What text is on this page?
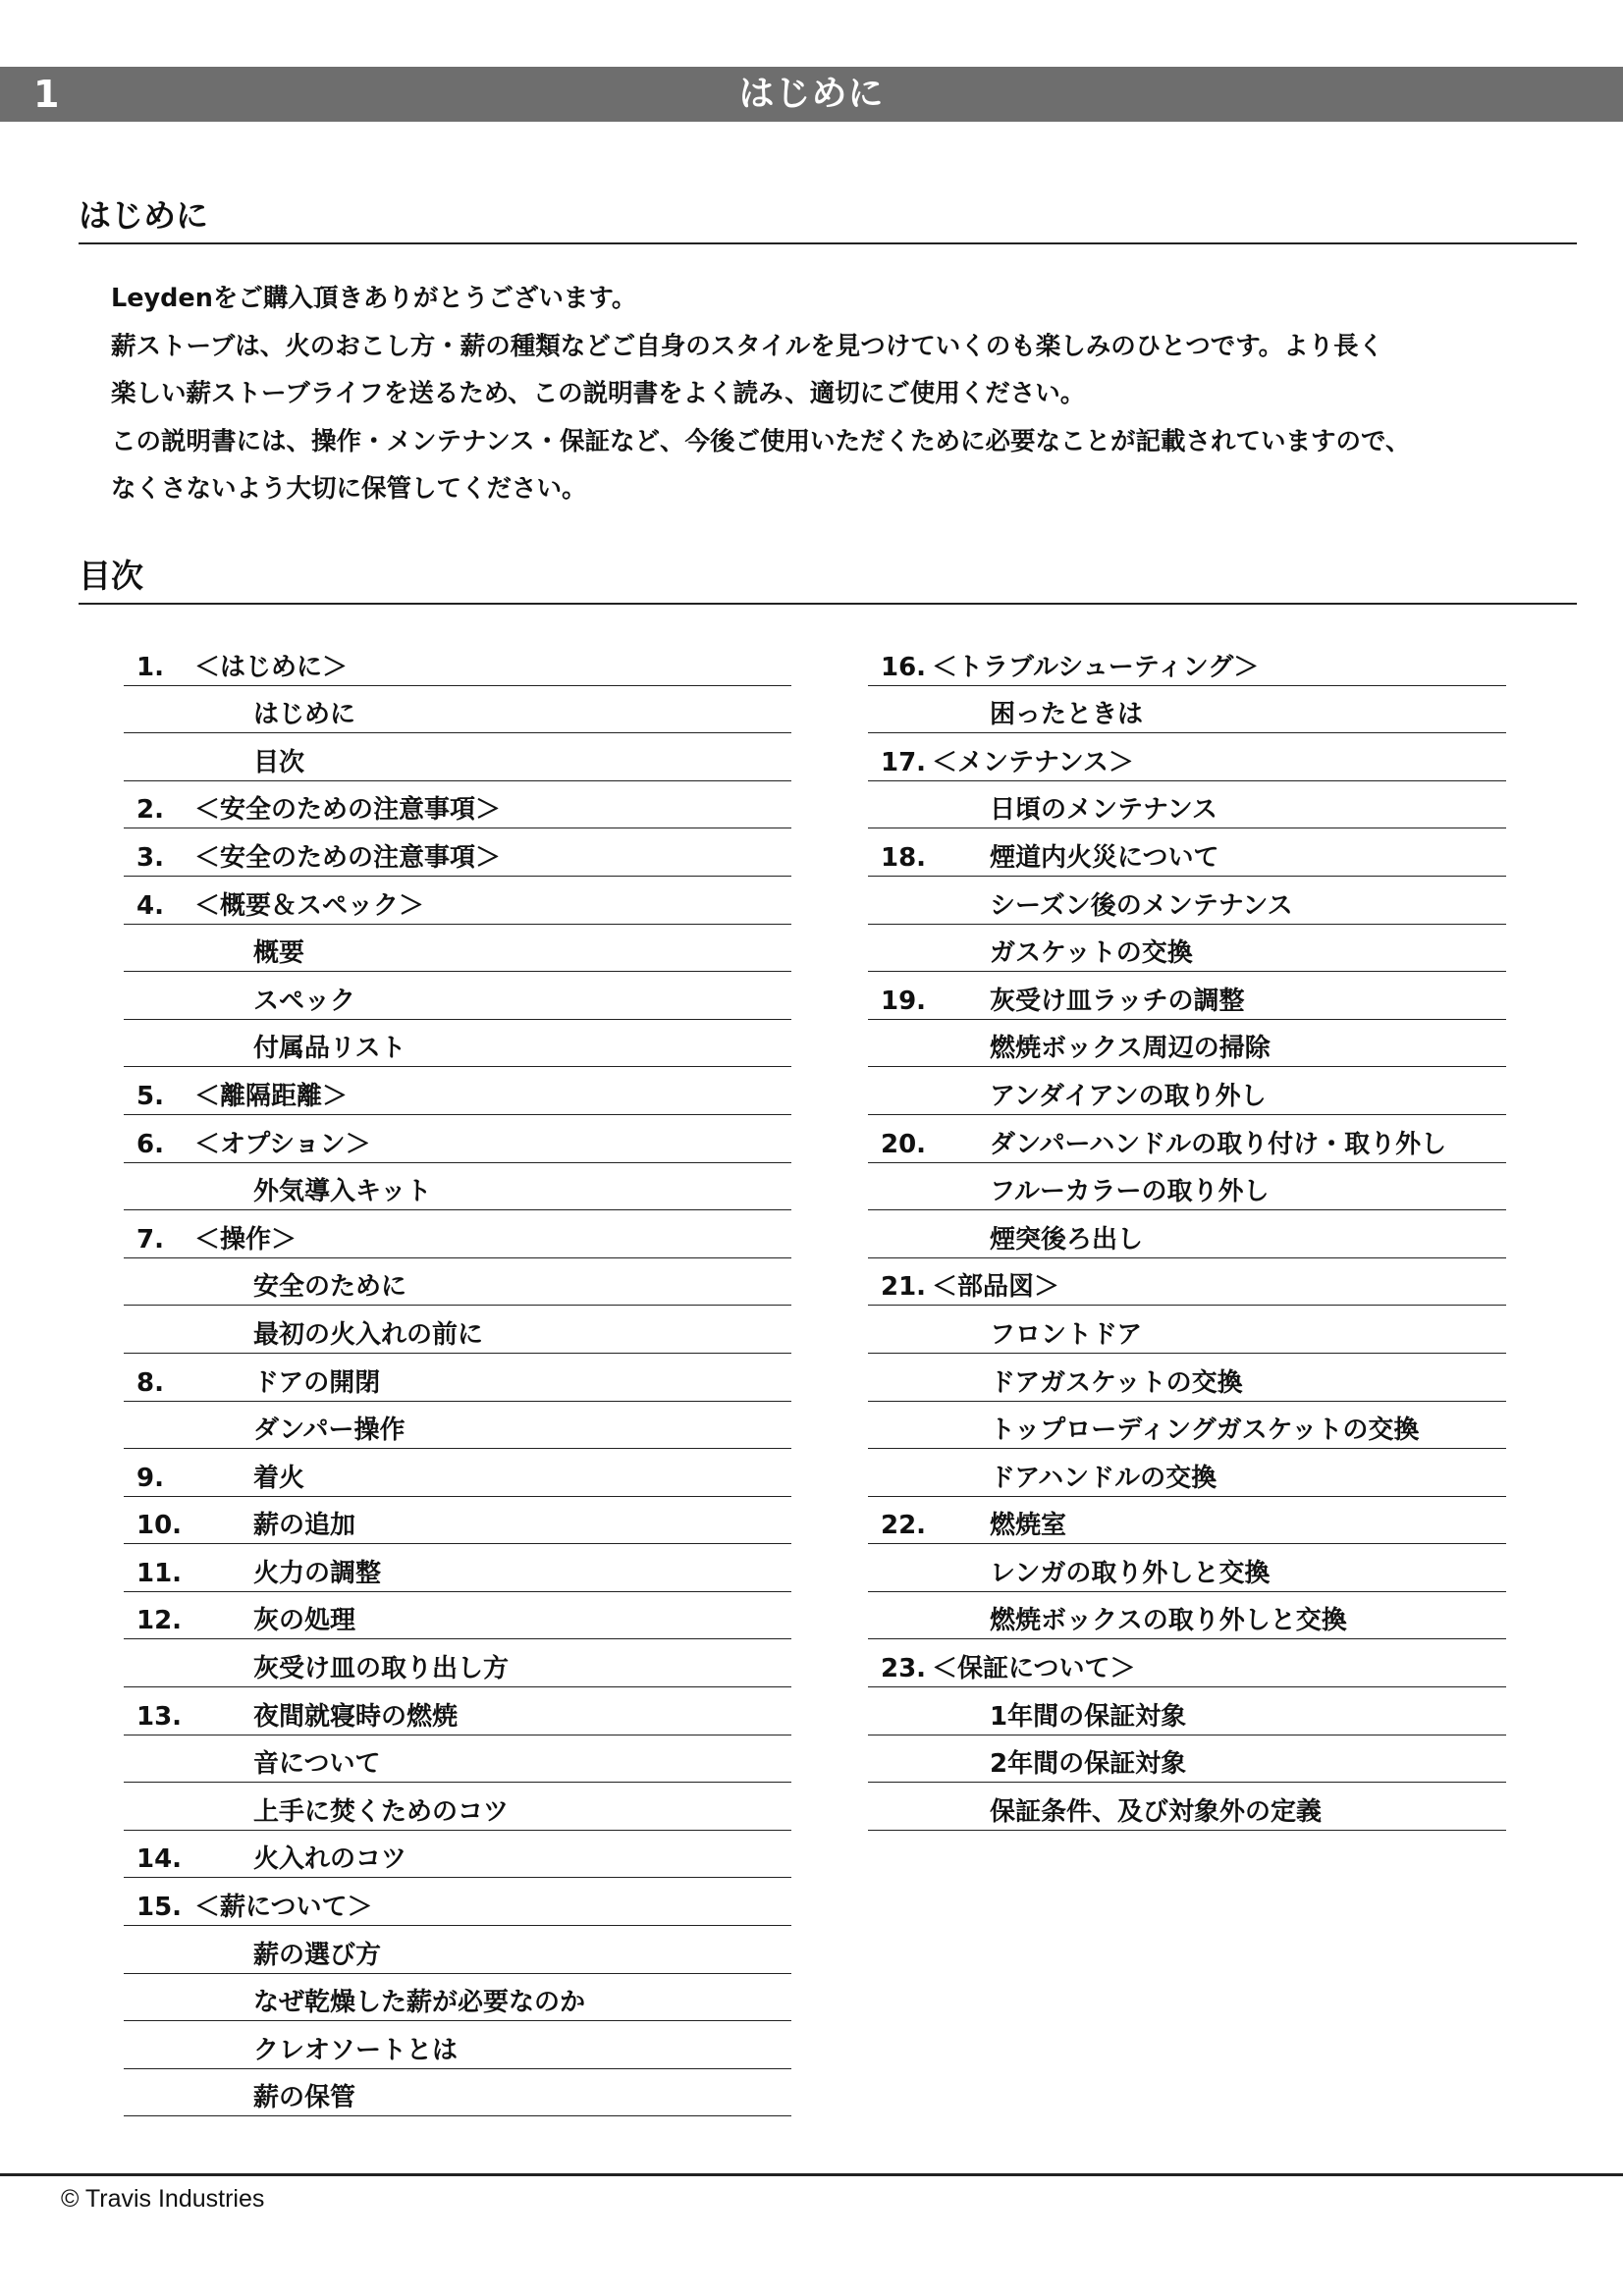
1	はじめに
はじめに

Leydenをご購入頂きありがとうございます。

薪ストーブは、火のおこし方・薪の種類などご自身のスタイルを見つけていくのも楽しみのひとつです。より長く

楽しい薪ストーブライフを送るため、この説明書をよく読み、適切にご使用ください。

この説明書には、操作・メンテナンス・保証など、今後ご使用いただくために必要なことが記載されていますので、

なくさないよう大切に保管してください。

目次
1. ＜はじめに＞
はじめに
目次
2. ＜安全のための注意事項＞
3. ＜安全のための注意事項＞
4. ＜概要＆スペック＞
概要
スペック
付属品リスト
5. ＜離隔距離＞
6. ＜オプション＞
外気導入キット
7. ＜操作＞
安全のために
最初の火入れの前に
8.	ドアの開閉
ダンパー操作
9.	着火
10.	薪の追加
11.	火力の調整
12.	灰の処理
灰受け皿の取り出し方
13.	夜間就寝時の燃焼
音について
上手に焚くためのコツ
14.	火入れのコツ
15. ＜薪について＞
薪の選び方
なぜ乾燥した薪が必要なのか
クレオソートとは
薪の保管
16. ＜トラブルシューティング＞
困ったときは
17. ＜メンテナンス＞
日頃のメンテナンス
18. 煙道内火災について
シーズン後のメンテナンス
ガスケットの交換
19. 灰受け皿ラッチの調整
燃焼ボックス周辺の掃除
アンダイアンの取り外し
20. ダンパーハンドルの取り付け・取り外し
フルーカラーの取り外し
煙突後ろ出し
21. ＜部品図＞
フロントドア
ドアガスケットの交換
トップローディングガスケットの交換
ドアハンドルの交換
22. 燃焼室
レンガの取り外しと交換
燃焼ボックスの取り外しと交換
23. ＜保証について＞
1年間の保証対象
2年間の保証対象
保証条件、及び対象外の定義
© Travis Industries
